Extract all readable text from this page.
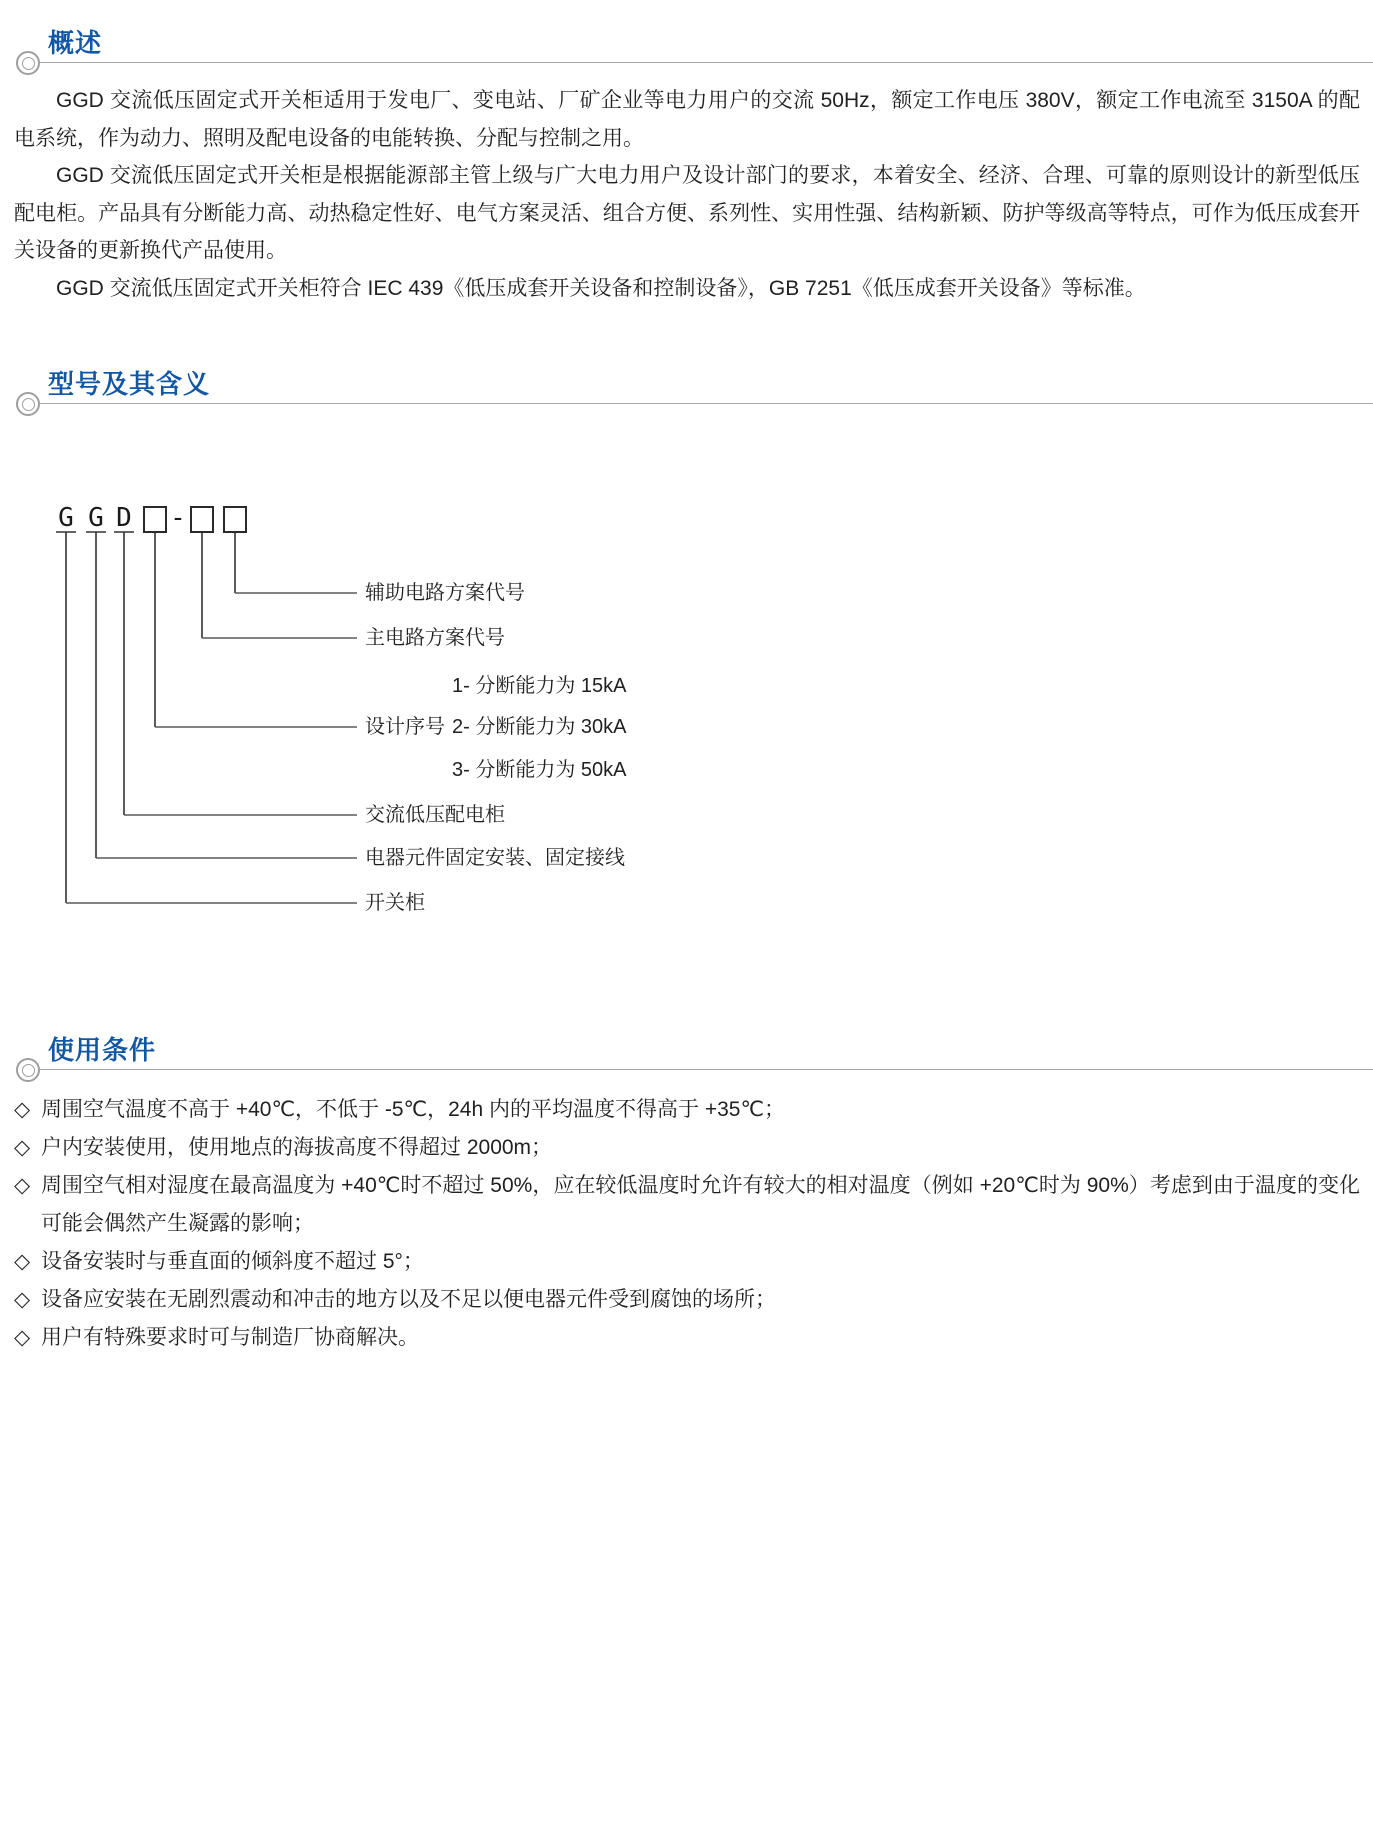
概述

GGD 交流低压固定式开关柜适用于发电厂、变电站、厂矿企业等电力用户的交流 50Hz，额定工作电压 380V，额定工作电流至 3150A 的配电系统，作为动力、照明及配电设备的电能转换、分配与控制之用。

GGD 交流低压固定式开关柜是根据能源部主管上级与广大电力用户及设计部门的要求，本着安全、经济、合理、可靠的原则设计的新型低压配电柜。产品具有分断能力高、动热稳定性好、电气方案灵活、组合方便、系列性、实用性强、结构新颖、防护等级高等特点，可作为低压成套开关设备的更新换代产品使用。

GGD 交流低压固定式开关柜符合 IEC 439《低压成套开关设备和控制设备》，GB 7251《低压成套开关设备》等标准。

型号及其含义
G G D -
辅助电路方案代号
主电路方案代号
1- 分断能力为 15kA
设计序号 2- 分断能力为 30kA
3- 分断能力为 50kA
交流低压配电柜
电器元件固定安装、固定接线
开关柜
使用条件
◇ 周围空气温度不高于 +40℃，不低于 -5℃，24h 内的平均温度不得高于 +35℃；
◇ 户内安装使用，使用地点的海拔高度不得超过 2000m；
◇ 周围空气相对湿度在最高温度为 +40℃时不超过 50%，应在较低温度时允许有较大的相对温度（例如 +20℃时为 90%）考虑到由于温度的变化可能会偶然产生凝露的影响；
◇ 设备安装时与垂直面的倾斜度不超过 5°；
◇ 设备应安装在无剧烈震动和冲击的地方以及不足以便电器元件受到腐蚀的场所；
◇ 用户有特殊要求时可与制造厂协商解决。
